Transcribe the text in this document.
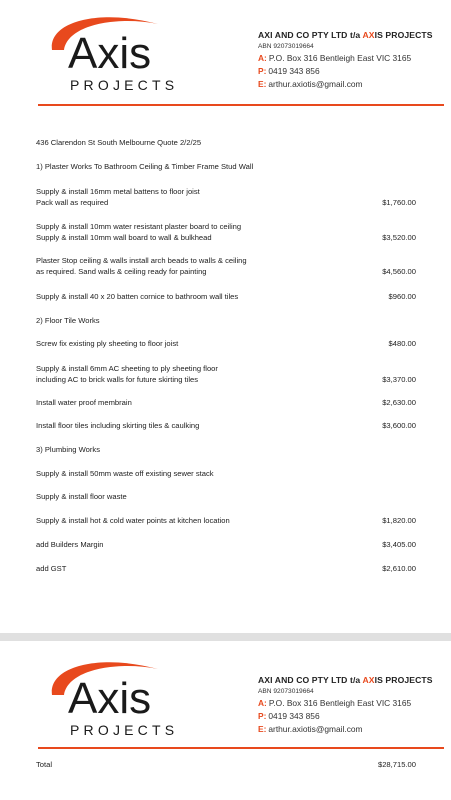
Axis
PROJECTS
AXI AND CO PTY LTD t/a AXIS PROJECTS
ABN 92073019664
A: P.O. Box 316 Bentleigh East VIC 3165
P: 0419 343 856
E: arthur.axiotis@gmail.com
436 Clarendon St South Melbourne Quote 2/2/25
1) Plaster Works To Bathroom Ceiling & Timber Frame Stud Wall
Supply & install 16mm metal battens to floor joist
Pack wall as required	$1,760.00
Supply & install 10mm water resistant plaster board to ceiling
Supply & install 10mm wall board to wall & bulkhead	$3,520.00
Plaster Stop ceiling & walls install arch beads to walls & ceiling
as required. Sand walls & ceiling ready for painting	$4,560.00
Supply & install 40 x 20 batten cornice to bathroom wall tiles	$960.00
2) Floor Tile Works
Screw fix existing ply sheeting to floor joist	$480.00
Supply & install 6mm AC sheeting to ply sheeting floor
including AC to brick walls for future skirting tiles	$3,370.00
Install water proof membrain	$2,630.00
Install floor tiles including skirting tiles & caulking	$3,600.00
3) Plumbing Works
Supply & install 50mm waste off existing sewer stack
Supply & install floor waste
Supply & install hot & cold water points at kitchen location	$1,820.00
add Builders Margin	$3,405.00
add GST	$2,610.00
Axis
PROJECTS
AXI AND CO PTY LTD t/a AXIS PROJECTS
ABN 92073019664
A: P.O. Box 316 Bentleigh East VIC 3165
P: 0419 343 856
E: arthur.axiotis@gmail.com
Total	$28,715.00
